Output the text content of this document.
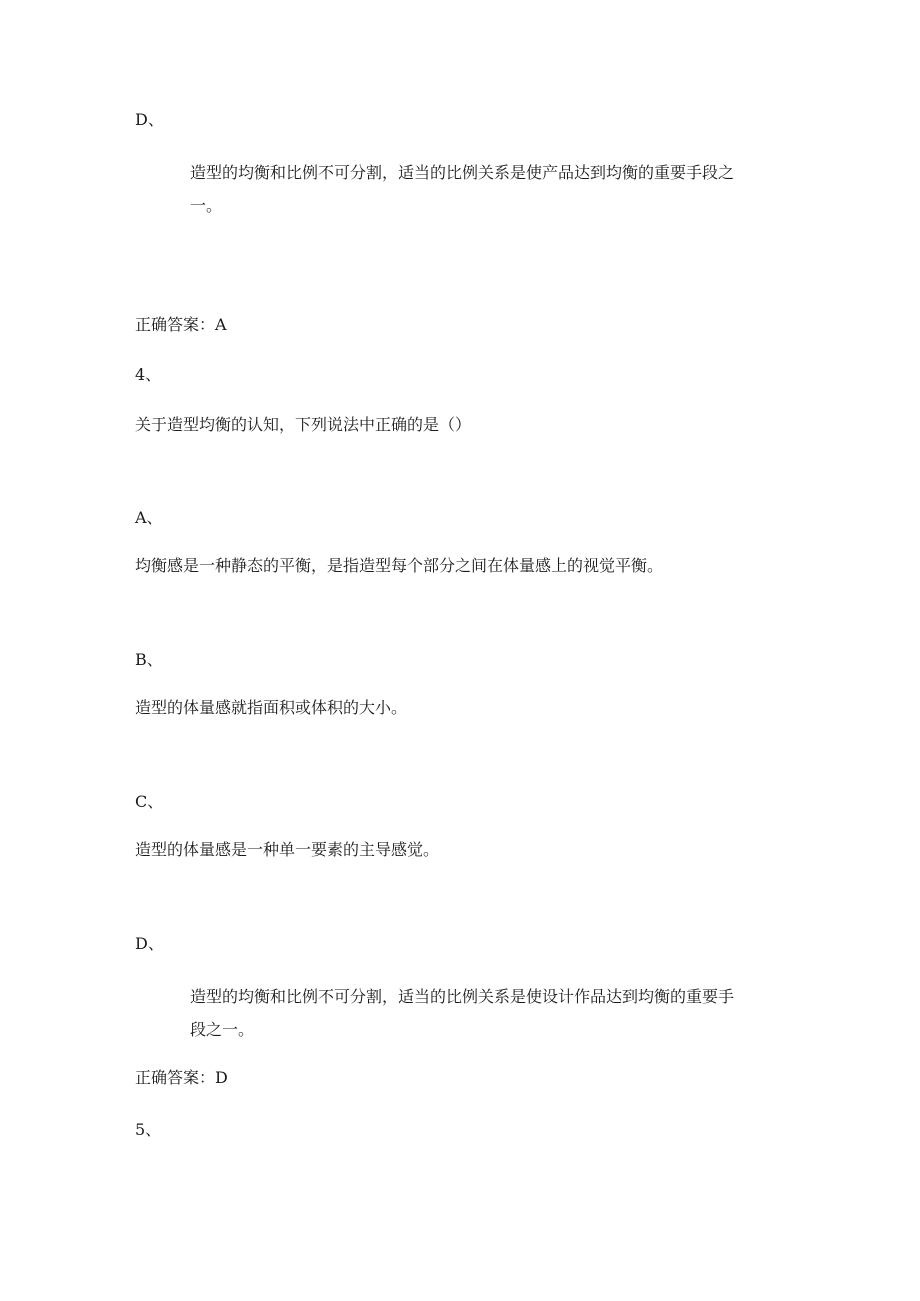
D、
造型的均衡和比例不可分割，适当的比例关系是使产品达到均衡的重要手段之
一。
正确答案：A
4、
关于造型均衡的认知，下列说法中正确的是（）
A、
均衡感是一种静态的平衡，是指造型每个部分之间在体量感上的视觉平衡。
B、
造型的体量感就指面积或体积的大小。
C、
造型的体量感是一种单一要素的主导感觉。
D、
造型的均衡和比例不可分割，适当的比例关系是使设计作品达到均衡的重要手
段之一。
正确答案：D
5、
